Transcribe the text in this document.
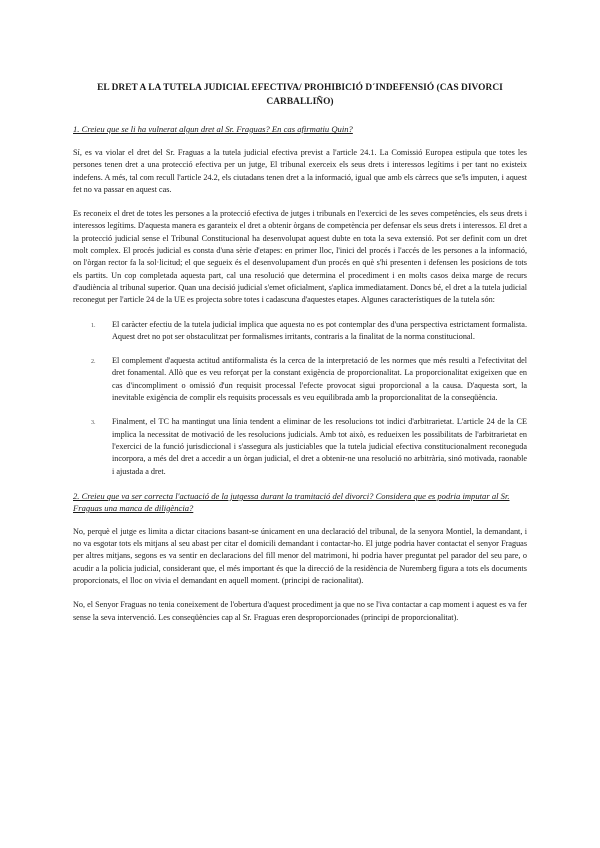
EL DRET A LA TUTELA JUDICIAL EFECTIVA/ PROHIBICIÓ D´INDEFENSIÓ (CAS DIVORCI CARBALLIÑO)
1. Creieu que se li ha vulnerat algun dret al Sr. Fraguas? En cas afirmatiu Quin?

Sí, es va violar el dret del Sr. Fraguas a la tutela judicial efectiva previst a l'article 24.1. La Comissió Europea estipula que totes les persones tenen dret a una protecció efectiva per un jutge, El tribunal exerceix els seus drets i interessos legítims i per tant no existeix indefens. A més, tal com recull l'article 24.2, els ciutadans tenen dret a la informació, igual que amb els càrrecs que se'ls imputen, i aquest fet no va passar en aquest cas.

Es reconeix el dret de totes les persones a la protecció efectiva de jutges i tribunals en l'exercici de les seves competències, els seus drets i interessos legítims. D'aquesta manera es garanteix el dret a obtenir òrgans de competència per defensar els seus drets i interessos. El dret a la protecció judicial sense el Tribunal Constitucional ha desenvolupat aquest dubte en tota la seva extensió. Pot ser definit com un dret molt complex. El procés judicial es consta d'una sèrie d'etapes: en primer lloc, l'inici del procés i l'accés de les persones a la informació, on l'òrgan rector fa la sol·licitud; el que segueix és el desenvolupament d'un procés en què s'hi presenten i defensen les posicions de tots els partits. Un cop completada aquesta part, cal una resolució que determina el procediment i en molts casos deixa marge de recurs d'audiència al tribunal superior. Quan una decisió judicial s'emet oficialment, s'aplica immediatament. Doncs bé, el dret a la tutela judicial reconegut per l'article 24 de la UE es projecta sobre totes i cadascuna d'aquestes etapes. Algunes característiques de la tutela són:

1. El caràcter efectiu de la tutela judicial implica que aquesta no es pot contemplar des d'una perspectiva estrictament formalista. Aquest dret no pot ser obstaculitzat per formalismes irritants, contraris a la finalitat de la norma constitucional.
2. El complement d'aquesta actitud antiformalista és la cerca de la interpretació de les normes que més resulti a l'efectivitat del dret fonamental. Allò que es veu reforçat per la constant exigència de proporcionalitat. La proporcionalitat exigeixen que en cas d'incompliment o omissió d'un requisit processal l'efecte provocat sigui proporcional a la causa. D'aquesta sort, la inevitable exigència de complir els requisits processals es veu equilibrada amb la proporcionalitat de la conseqüència.
3. Finalment, el TC ha mantingut una línia tendent a eliminar de les resolucions tot indici d'arbitrarietat. L'article 24 de la CE implica la necessitat de motivació de les resolucions judicials. Amb tot això, es redueixen les possibilitats de l'arbitrarietat en l'exercici de la funció jurisdiccional i s'assegura als justiciables que la tutela judicial efectiva constitucionalment reconeguda incorpora, a més del dret a accedir a un òrgan judicial, el dret a obtenir-ne una resolució no arbitrària, sinó motivada, raonable i ajustada a dret.
2. Creieu que va ser correcta l'actuació de la jutgessa durant la tramitació del divorci? Considera que es podria imputar al Sr. Fraguas una manca de diligència?

No, perquè el jutge es limita a dictar citacions basant-se únicament en una declaració del tribunal, de la senyora Montiel, la demandant, i no va esgotar tots els mitjans al seu abast per citar el domicili demandant i contactar-ho. El jutge podria haver contactat el senyor Fraguas per altres mitjans, segons es va sentir en declaracions del fill menor del matrimoni, hi podria haver preguntat pel parador del seu pare, o acudir a la policia judicial, considerant que, el més important és que la direcció de la residència de Nuremberg figura a tots els documents proporcionats, el lloc on vivia el demandant en aquell moment. (principi de racionalitat).

No, el Senyor Fraguas no tenia coneixement de l'obertura d'aquest procediment ja que no se l'iva contactar a cap moment i aquest es va fer sense la seva intervenció. Les conseqüències cap al Sr. Fraguas eren desproporcionades (principi de proporcionalitat).
